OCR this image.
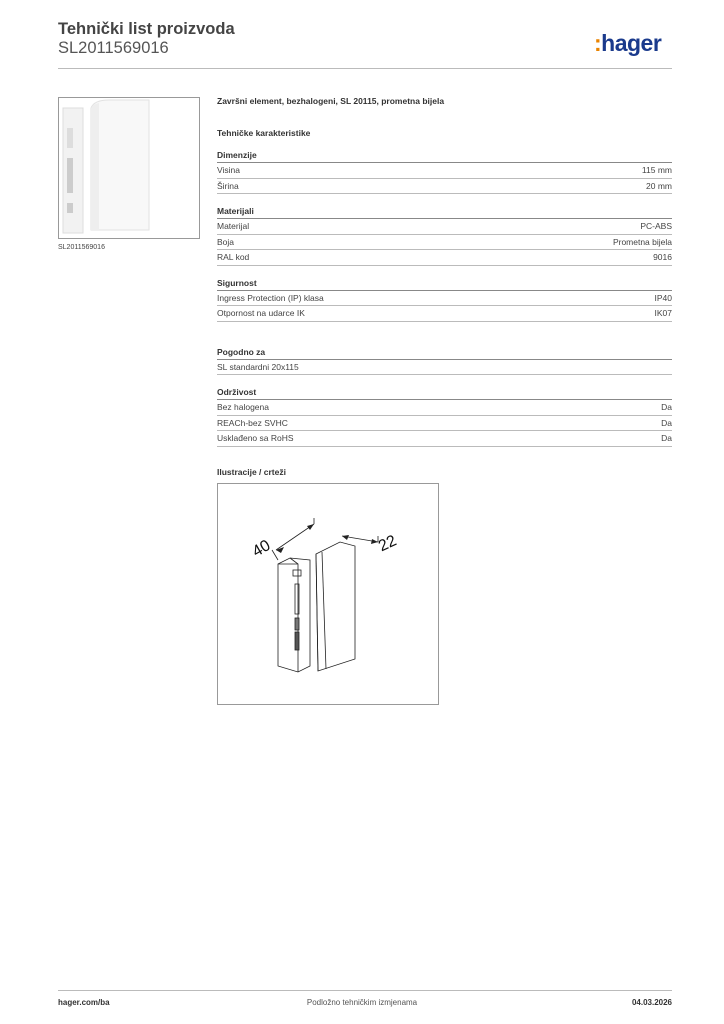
Tehnički list proizvoda
SL2011569016	:hager
SL2011569016
Završni element, bezhalogeni, SL 20115, prometna bijela
Tehničke karakteristike
Dimenzije
Visina	115 mm
Širina	20 mm
Materijali
Materijal	PC-ABS
Boja	Prometna bijela
RAL kod	9016
Sigurnost
Ingress Protection (IP) klasa	IP40
Otpornost na udarce IK	IK07
Pogodno za
SL standardni 20x115
Održivost
Bez halogena	Da
REACh-bez SVHC	Da
Usklađeno sa RoHS	Da
Ilustracije / crteži
40	22
hager.com/ba	Podložno tehničkim izmjenama	04.03.2026
